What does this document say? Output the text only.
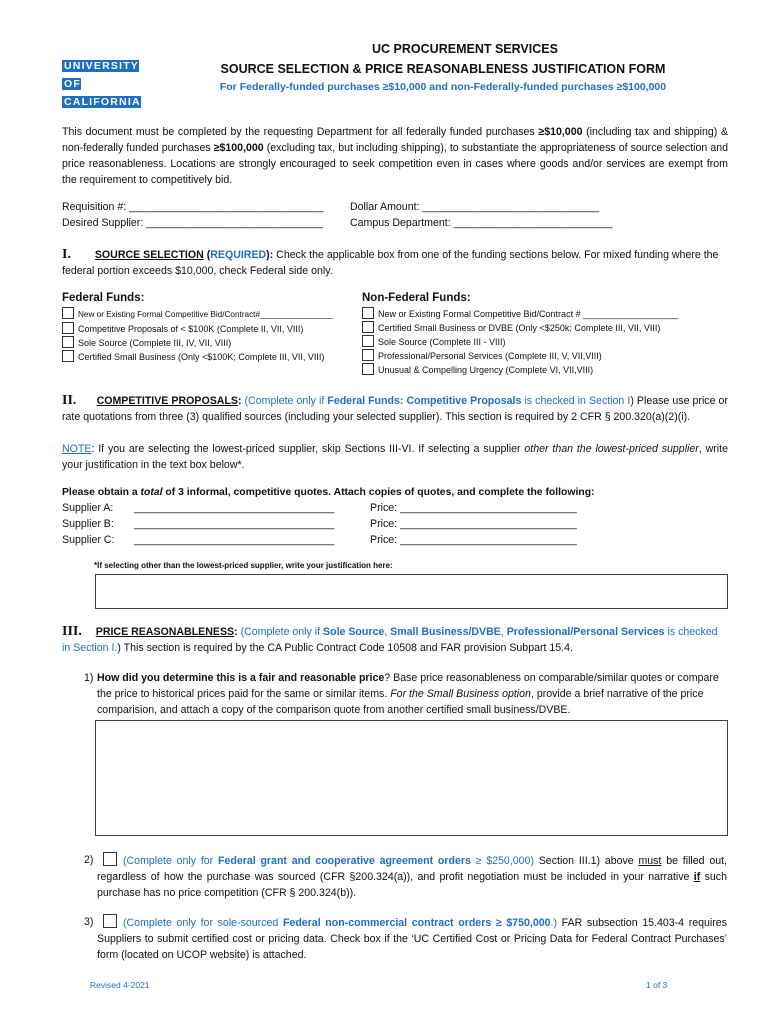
UNIVERSITY
OF
CALIFORNIA
UC PROCUREMENT SERVICES
SOURCE SELECTION & PRICE REASONABLENESS JUSTIFICATION FORM
For Federally-funded purchases ≥$10,000 and non-Federally-funded purchases ≥$100,000
This document must be completed by the requesting Department for all federally funded purchases ≥$10,000 (including tax and shipping) & non-federally funded purchases ≥$100,000 (excluding tax, but including shipping), to substantiate the appropriateness of source selection and price reasonableness. Locations are strongly encouraged to seek competition even in cases where goods and/or services are exempt from the requirement to competitively bid.
Requisition #: _________________________________ Dollar Amount: ______________________________
Desired Supplier: ______________________________	Campus Department: ___________________________
I. SOURCE SELECTION (REQUIRED): Check the applicable box from one of the funding sections below. For mixed funding where the federal portion exceeds $10,000, check Federal side only.
Federal Funds:	Non-Federal Funds:
New or Existing Formal Competitive Bid/Contract#________________
Competitive Proposals of < $100K (Complete II, VII, VIII)
Sole Source (Complete III, IV, VII, VIII)
Certified Small Business (Only <$100K; Complete III, VII, VIII)
New or Existing Formal Competitive Bid/Contract # ___________________
Certified Small Business or DVBE (Only <$250k; Complete III, VII, VIII)
Sole Source (Complete III - VIII)
Professional/Personal Services (Complete III, V, VII,VIII)
Unusual & Compelling Urgency (Complete VI, VII,VIII)
II. COMPETITIVE PROPOSALS: (Complete only if Federal Funds: Competitive Proposals is checked in Section I) Please use price or rate quotations from three (3) qualified sources (including your selected supplier). This section is required by 2 CFR § 200.320(a)(2)(i).
NOTE: If you are selecting the lowest-priced supplier, skip Sections III-VI. If selecting a supplier other than the lowest-priced supplier, write your justification in the text box below*.
Please obtain a total of 3 informal, competitive quotes. Attach copies of quotes, and complete the following:
Supplier A: __________________________________	Price: ______________________________
Supplier B: __________________________________	Price: ______________________________
Supplier C: __________________________________	Price: ______________________________
*If selecting other than the lowest-priced supplier, write your justification here:
III. PRICE REASONABLENESS: (Complete only if Sole Source, Small Business/DVBE, Professional/Personal Services is checked in Section I.) This section is required by the CA Public Contract Code 10508 and FAR provision Subpart 15.4.
1) How did you determine this is a fair and reasonable price? Base price reasonableness on comparable/similar quotes or compare the price to historical prices paid for the same or similar items. For the Small Business option, provide a brief narrative of the price comparision, and attach a copy of the comparison quote from another certified small business/DVBE.
2)	(Complete only for Federal grant and cooperative agreement orders ≥ $250,000) Section III.1) above must be filled out, regardless of how the purchase was sourced (CFR §200.324(a)), and profit negotiation must be included in your narrative if such purchase has no price competition (CFR § 200.324(b)).
3)	(Complete only for sole-sourced Federal non-commercial contract orders ≥ $750,000.) FAR subsection 15.403-4 requires Suppliers to submit certified cost or pricing data. Check box if the ‘UC Certified Cost or Pricing Data for Federal Contract Purchases’ form (located on UCOP website) is attached.
Revised 4-2021	1 of 3
